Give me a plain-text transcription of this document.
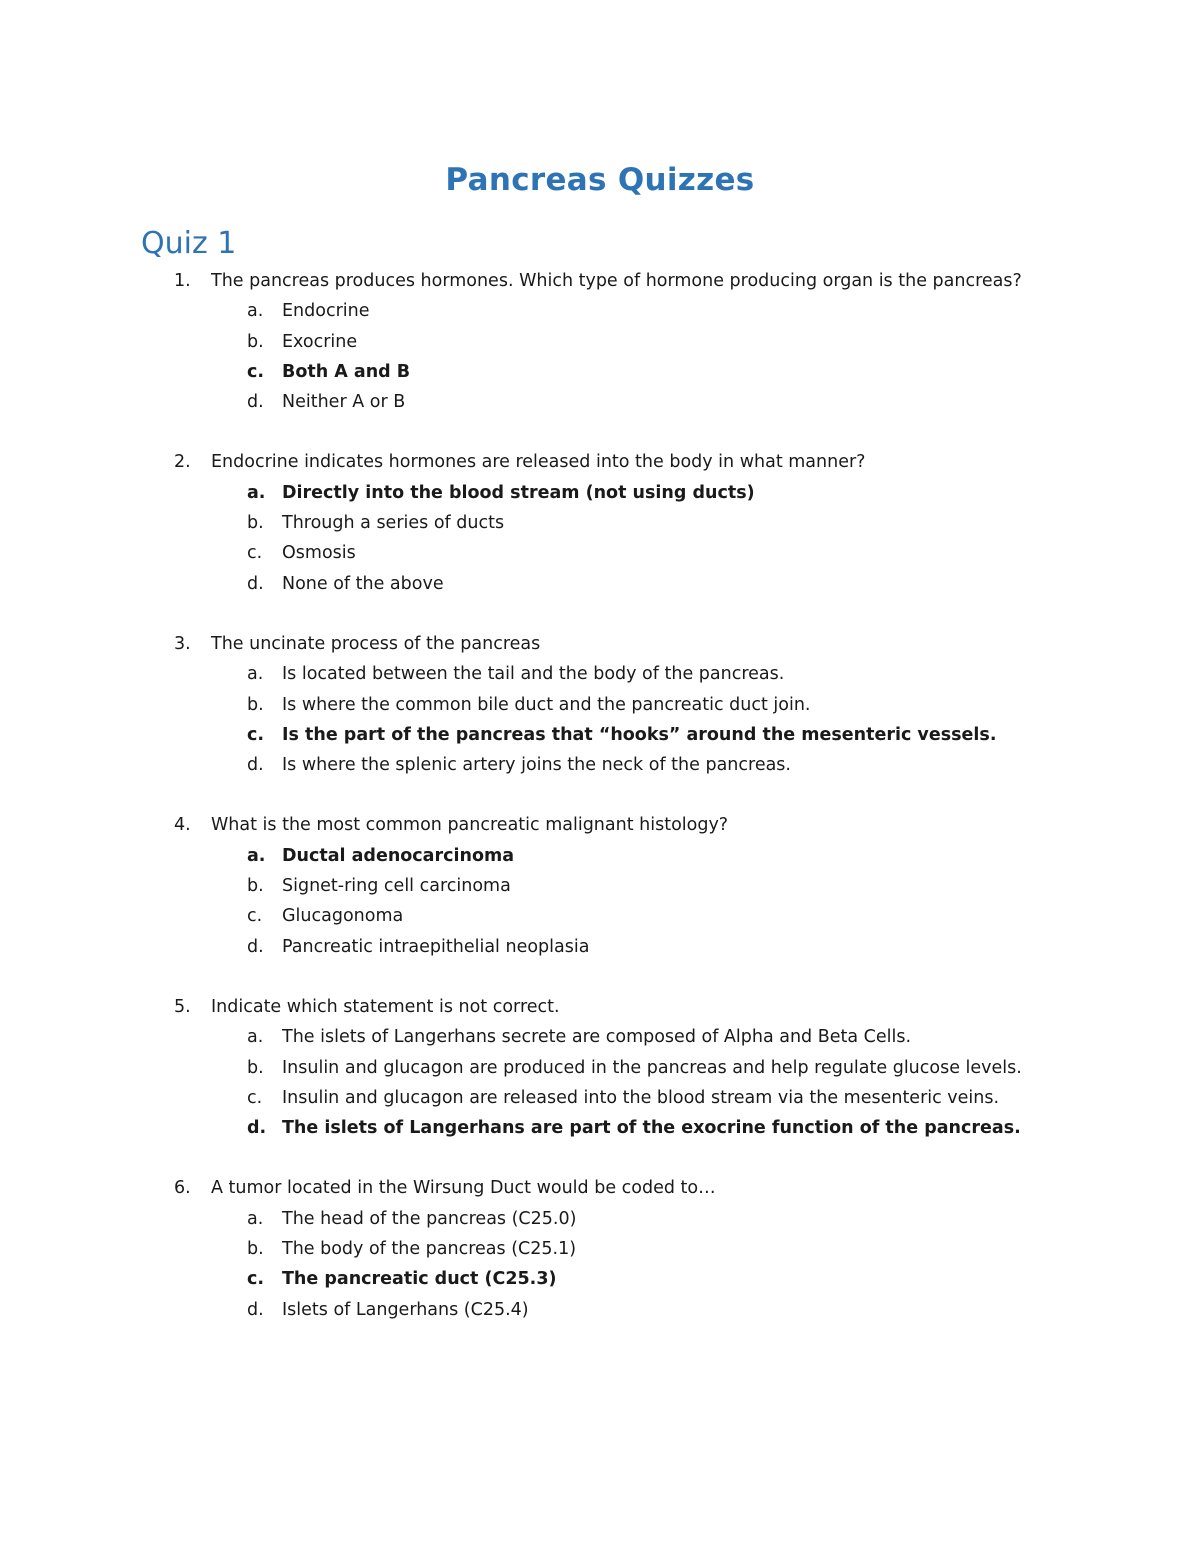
Pancreas Quizzes
Quiz 1
1. The pancreas produces hormones. Which type of hormone producing organ is the pancreas?
a. Endocrine
b. Exocrine
c. Both A and B
d. Neither A or B
2. Endocrine indicates hormones are released into the body in what manner?
a. Directly into the blood stream (not using ducts)
b. Through a series of ducts
c. Osmosis
d. None of the above
3. The uncinate process of the pancreas
a. Is located between the tail and the body of the pancreas.
b. Is where the common bile duct and the pancreatic duct join.
c. Is the part of the pancreas that “hooks” around the mesenteric vessels.
d. Is where the splenic artery joins the neck of the pancreas.
4. What is the most common pancreatic malignant histology?
a. Ductal adenocarcinoma
b. Signet-ring cell carcinoma
c. Glucagonoma
d. Pancreatic intraepithelial neoplasia
5. Indicate which statement is not correct.
a. The islets of Langerhans secrete are composed of Alpha and Beta Cells.
b. Insulin and glucagon are produced in the pancreas and help regulate glucose levels.
c. Insulin and glucagon are released into the blood stream via the mesenteric veins.
d. The islets of Langerhans are part of the exocrine function of the pancreas.
6. A tumor located in the Wirsung Duct would be coded to…
a. The head of the pancreas (C25.0)
b. The body of the pancreas (C25.1)
c. The pancreatic duct (C25.3)
d. Islets of Langerhans (C25.4)
